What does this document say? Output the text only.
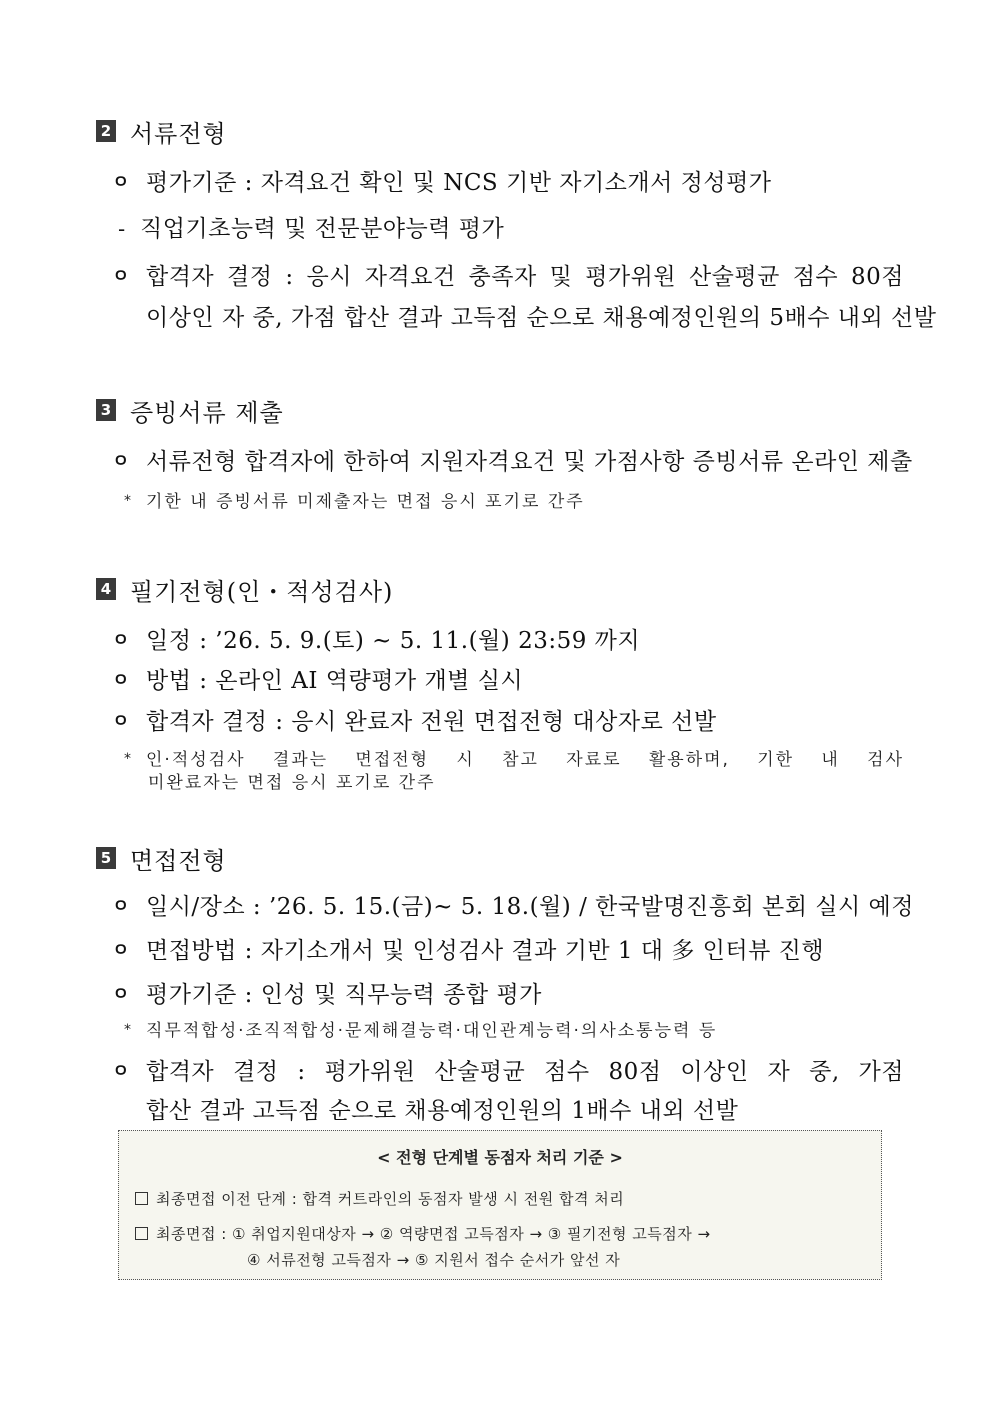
2 서류전형
ㅇ 평가기준 : 자격요건 확인 및 NCS 기반 자기소개서 정성평가
- 직업기초능력 및 전문분야능력 평가
ㅇ 합격자 결정 : 응시 자격요건 충족자 및 평가위원 산술평균 점수 80점
이상인 자 중, 가점 합산 결과 고득점 순으로 채용예정인원의 5배수 내외 선발
3 증빙서류 제출
ㅇ 서류전형 합격자에 한하여 지원자격요건 및 가점사항 증빙서류 온라인 제출
* 기한 내 증빙서류 미제출자는 면접 응시 포기로 간주
4 필기전형(인・적성검사)
ㅇ 일정 : ’26. 5. 9.(토) ~ 5. 11.(월) 23:59 까지
ㅇ 방법 : 온라인 AI 역량평가 개별 실시
ㅇ 합격자 결정 : 응시 완료자 전원 면접전형 대상자로 선발
* 인·적성검사 결과는 면접전형 시 참고 자료로 활용하며, 기한 내 검사
미완료자는 면접 응시 포기로 간주
5 면접전형
ㅇ 일시/장소 : ’26. 5. 15.(금)~ 5. 18.(월) / 한국발명진흥회 본회 실시 예정
ㅇ 면접방법 : 자기소개서 및 인성검사 결과 기반 1 대 多 인터뷰 진행
ㅇ 평가기준 : 인성 및 직무능력 종합 평가
* 직무적합성·조직적합성·문제해결능력·대인관계능력·의사소통능력 등
ㅇ 합격자 결정 : 평가위원 산술평균 점수 80점 이상인 자 중, 가점
합산 결과 고득점 순으로 채용예정인원의 1배수 내외 선발
< 전형 단계별 동점자 처리 기준 >
최종면접 이전 단계 : 합격 커트라인의 동점자 발생 시 전원 합격 처리
최종면접 : ① 취업지원대상자 → ② 역량면접 고득점자 → ③ 필기전형 고득점자 →
④ 서류전형 고득점자 → ⑤ 지원서 접수 순서가 앞선 자
